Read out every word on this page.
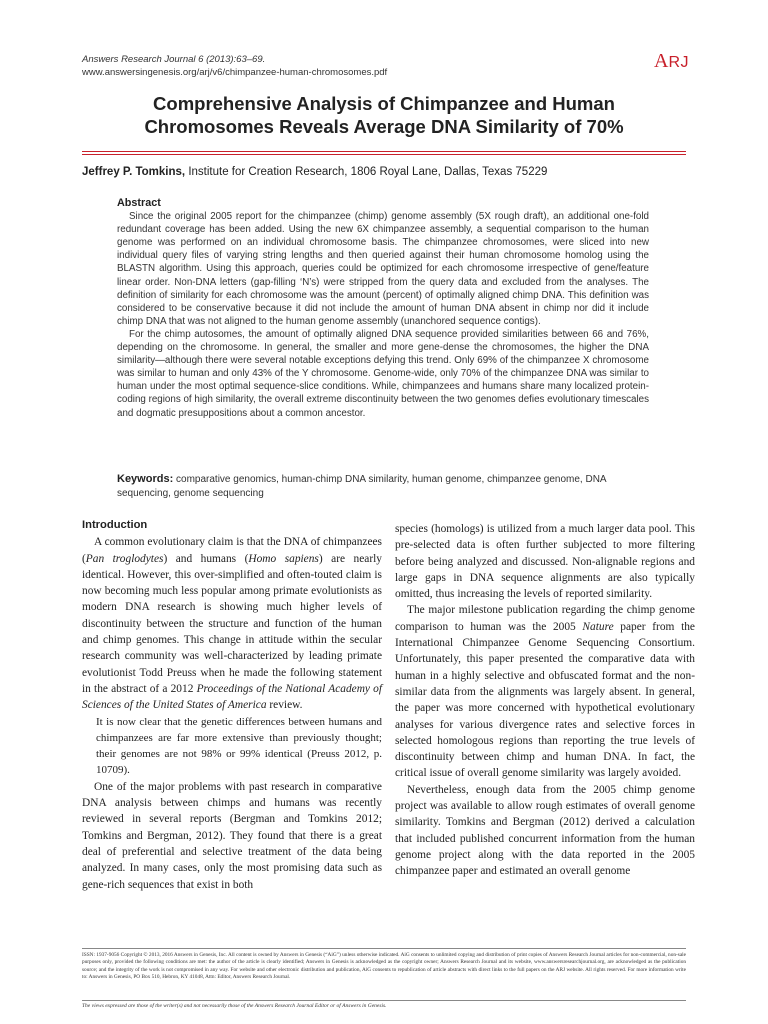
Answers Research Journal 6 (2013):63–69.
www.answersingenesis.org/arj/v6/chimpanzee-human-chromosomes.pdf
ARJ
Comprehensive Analysis of Chimpanzee and Human
Chromosomes Reveals Average DNA Similarity of 70%
Jeffrey P. Tomkins, Institute for Creation Research, 1806 Royal Lane, Dallas, Texas 75229
Abstract

Since the original 2005 report for the chimpanzee (chimp) genome assembly (5X rough draft), an additional one-fold redundant coverage has been added. Using the new 6X chimpanzee assembly, a sequential comparison to the human genome was performed on an individual chromosome basis. The chimpanzee chromosomes, were sliced into new individual query files of varying string lengths and then queried against their human chromosome homolog using the BLASTN algorithm. Using this approach, queries could be optimized for each chromosome irrespective of gene/feature linear order. Non-DNA letters (gap-filling ‘N’s) were stripped from the query data and excluded from the analyses. The definition of similarity for each chromosome was the amount (percent) of optimally aligned chimp DNA. This definition was considered to be conservative because it did not include the amount of human DNA absent in chimp nor did it include chimp DNA that was not aligned to the human genome assembly (unanchored sequence contigs).

For the chimp autosomes, the amount of optimally aligned DNA sequence provided similarities between 66 and 76%, depending on the chromosome. In general, the smaller and more gene-dense the chromosomes, the higher the DNA similarity—although there were several notable exceptions defying this trend. Only 69% of the chimpanzee X chromosome was similar to human and only 43% of the Y chromosome. Genome-wide, only 70% of the chimpanzee DNA was similar to human under the most optimal sequence-slice conditions. While, chimpanzees and humans share many localized protein-coding regions of high similarity, the overall extreme discontinuity between the two genomes defies evolutionary timescales and dogmatic presuppositions about a common ancestor.

Keywords: comparative genomics, human-chimp DNA similarity, human genome, chimpanzee genome, DNA sequencing, genome sequencing
Introduction

A common evolutionary claim is that the DNA of chimpanzees (Pan troglodytes) and humans (Homo sapiens) are nearly identical. However, this over-simplified and often-touted claim is now becoming much less popular among primate evolutionists as modern DNA research is showing much higher levels of discontinuity between the structure and function of the human and chimp genomes. This change in attitude within the secular research community was well-characterized by leading primate evolutionist Todd Preuss when he made the following statement in the abstract of a 2012 Proceedings of the National Academy of Sciences of the United States of America review.

It is now clear that the genetic differences between humans and chimpanzees are far more extensive than previously thought; their genomes are not 98% or 99% identical (Preuss 2012, p. 10709).

One of the major problems with past research in comparative DNA analysis between chimps and humans was recently reviewed in several reports (Bergman and Tomkins 2012; Tomkins and Bergman, 2012). They found that there is a great deal of preferential and selective treatment of the data being analyzed. In many cases, only the most promising data such as gene-rich sequences that exist in both

species (homologs) is utilized from a much larger data pool. This pre-selected data is often further subjected to more filtering before being analyzed and discussed. Non-alignable regions and large gaps in DNA sequence alignments are also typically omitted, thus increasing the levels of reported similarity.

The major milestone publication regarding the chimp genome comparison to human was the 2005 Nature paper from the International Chimpanzee Genome Sequencing Consortium. Unfortunately, this paper presented the comparative data with human in a highly selective and obfuscated format and the non-similar data from the alignments was largely absent. In general, the paper was more concerned with hypothetical evolutionary analyses for various divergence rates and selective forces in selected homologous regions than reporting the true levels of discontinuity between chimp and human DNA. In fact, the critical issue of overall genome similarity was largely avoided.

Nevertheless, enough data from the 2005 chimp genome project was available to allow rough estimates of overall genome similarity. Tomkins and Bergman (2012) derived a calculation that included published concurrent information from the human genome project along with the data reported in the 2005 chimpanzee paper and estimated an overall genome

ISSN: 1937-9056 Copyright © 2013, 2016 Answers in Genesis, Inc. All content is owned by Answers in Genesis (“AiG”) unless otherwise indicated. AiG consents to unlimited copying and distribution of print copies of Answers Research Journal articles for non-commercial, non-sale purposes only, provided the following conditions are met: the author of the article is clearly identified; Answers in Genesis is acknowledged as the copyright owner; Answers Research Journal and its website, www.answersresearchjournal.org, are acknowledged as the publication source; and the integrity of the work is not compromised in any way. For website and other electronic distribution and publication, AiG consents to republication of article abstracts with direct links to the full papers on the ARJ website. All rights reserved. For more information write to: Answers in Genesis, PO Box 510, Hebron, KY 41048, Attn: Editor, Answers Research Journal.
The views expressed are those of the writer(s) and not necessarily those of the Answers Research Journal Editor or of Answers in Genesis.
